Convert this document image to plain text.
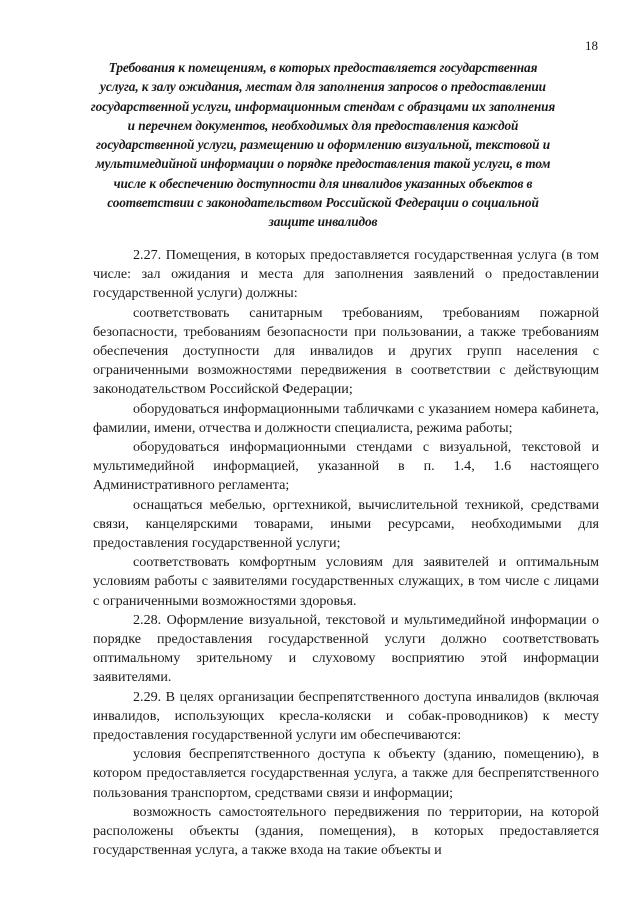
18
Требования к помещениям, в которых предоставляется государственная услуга, к залу ожидания, местам для заполнения запросов о предоставлении государственной услуги, информационным стендам с образцами их заполнения и перечнем документов, необходимых для предоставления каждой государственной услуги, размещению и оформлению визуальной, текстовой и мультимедийной информации о порядке предоставления такой услуги, в том числе к обеспечению доступности для инвалидов указанных объектов в соответствии с законодательством Российской Федерации о социальной защите инвалидов

2.27. Помещения, в которых предоставляется государственная услуга (в том числе: зал ожидания и места для заполнения заявлений о предоставлении государственной услуги) должны:

соответствовать санитарным требованиям, требованиям пожарной безопасности, требованиям безопасности при пользовании, а также требованиям обеспечения доступности для инвалидов и других групп населения с ограниченными возможностями передвижения в соответствии с действующим законодательством Российской Федерации;

оборудоваться информационными табличками с указанием номера кабинета, фамилии, имени, отчества и должности специалиста, режима работы;

оборудоваться информационными стендами с визуальной, текстовой и мультимедийной информацией, указанной в п. 1.4, 1.6 настоящего Административного регламента;

оснащаться мебелью, оргтехникой, вычислительной техникой, средствами связи, канцелярскими товарами, иными ресурсами, необходимыми для предоставления государственной услуги;

соответствовать комфортным условиям для заявителей и оптимальным условиям работы с заявителями государственных служащих, в том числе с лицами с ограниченными возможностями здоровья.

2.28. Оформление визуальной, текстовой и мультимедийной информации о порядке предоставления государственной услуги должно соответствовать оптимальному зрительному и слуховому восприятию этой информации заявителями.

2.29. В целях организации беспрепятственного доступа инвалидов (включая инвалидов, использующих кресла-коляски и собак-проводников) к месту предоставления государственной услуги им обеспечиваются:

условия беспрепятственного доступа к объекту (зданию, помещению), в котором предоставляется государственная услуга, а также для беспрепятственного пользования транспортом, средствами связи и информации;

возможность самостоятельного передвижения по территории, на которой расположены объекты (здания, помещения), в которых предоставляется государственная услуга, а также входа на такие объекты и
